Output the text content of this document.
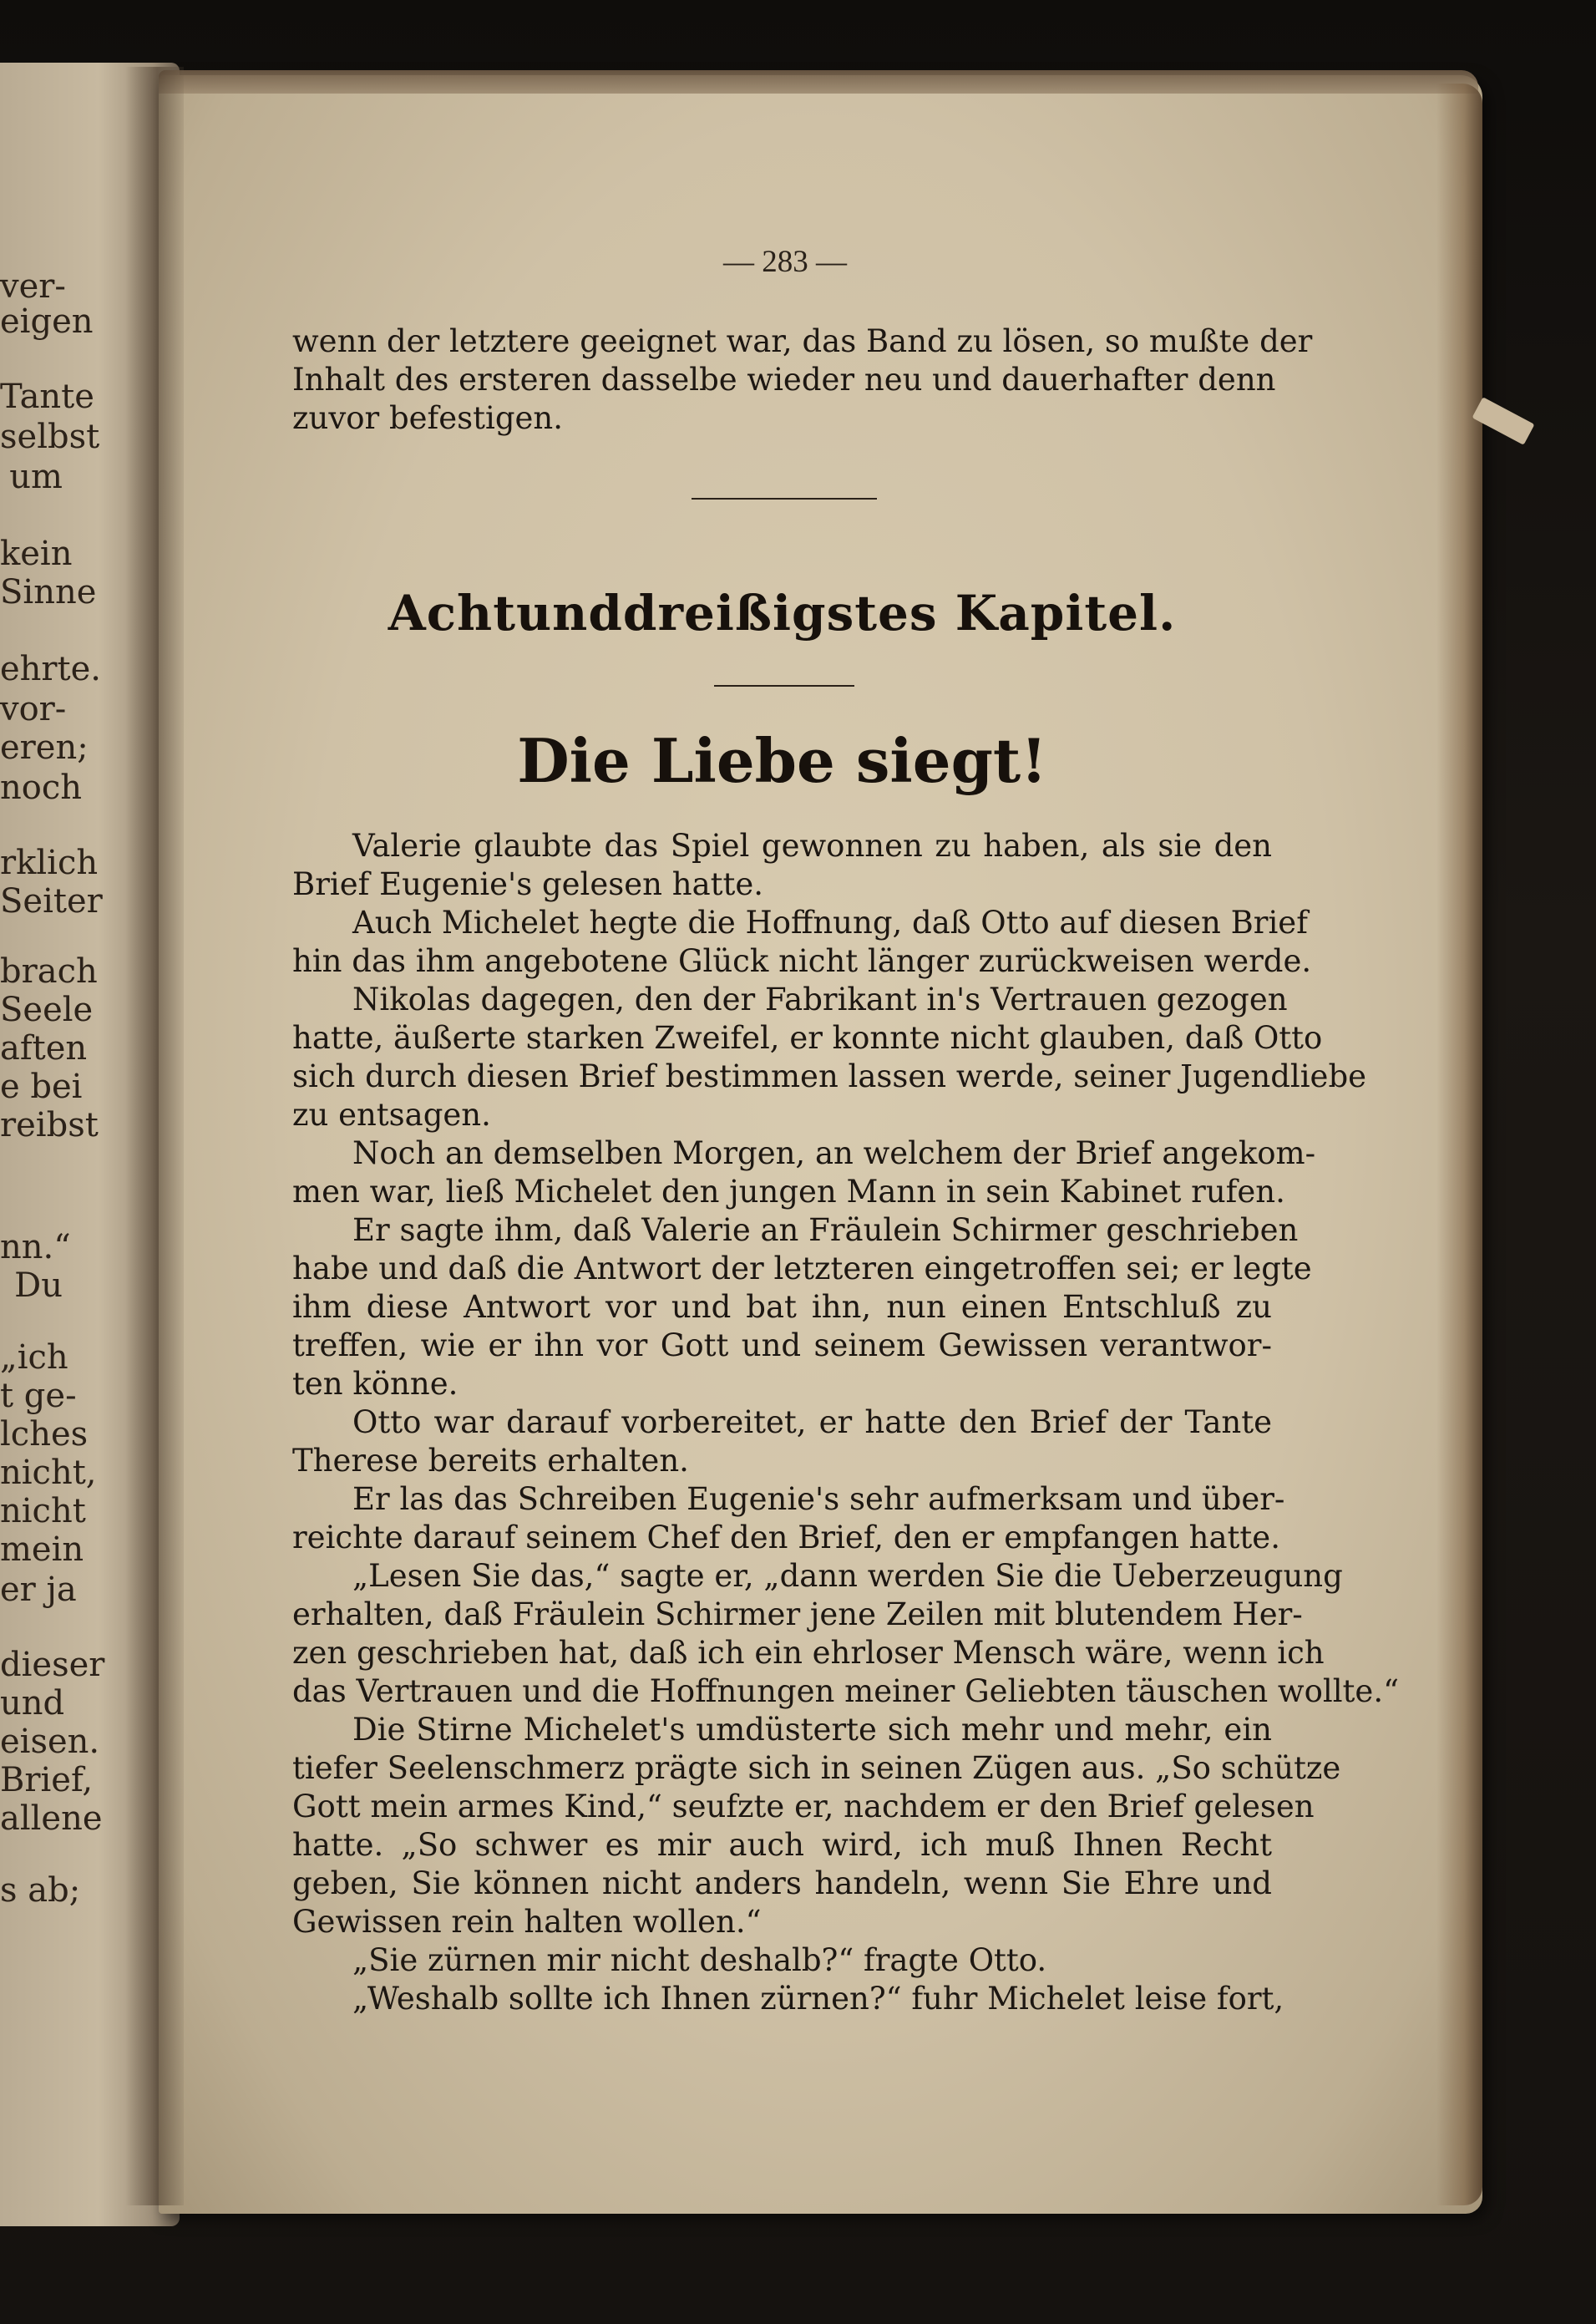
ver-
eigen
Tante
selbst
um
kein
Sinne
ehrte.
vor-
eren;
noch
rklich
Seiter
brach
Seele
aften
e bei
reibst
nn.“
Du
„ich
t ge-
lches
nicht,
nicht
mein
er ja
dieser
und
eisen.
Brief,
allene
s ab;
— 283 —
wenn der letztere geeignet war, das Band zu lösen, so mußte der
Inhalt des ersteren dasselbe wieder neu und dauerhafter denn
zuvor befestigen.
Achtunddreißigstes Kapitel.
Die Liebe siegt!
Valerie glaubte das Spiel gewonnen zu haben, als sie den
Brief Eugenie's gelesen hatte.
Auch Michelet hegte die Hoffnung, daß Otto auf diesen Brief
hin das ihm angebotene Glück nicht länger zurückweisen werde.
Nikolas dagegen, den der Fabrikant in's Vertrauen gezogen
hatte, äußerte starken Zweifel, er konnte nicht glauben, daß Otto
sich durch diesen Brief bestimmen lassen werde, seiner Jugendliebe
zu entsagen.
Noch an demselben Morgen, an welchem der Brief angekom-
men war, ließ Michelet den jungen Mann in sein Kabinet rufen.
Er sagte ihm, daß Valerie an Fräulein Schirmer geschrieben
habe und daß die Antwort der letzteren eingetroffen sei; er legte
ihm diese Antwort vor und bat ihn, nun einen Entschluß zu
treffen, wie er ihn vor Gott und seinem Gewissen verantwor-
ten könne.
Otto war darauf vorbereitet, er hatte den Brief der Tante
Therese bereits erhalten.
Er las das Schreiben Eugenie's sehr aufmerksam und über-
reichte darauf seinem Chef den Brief, den er empfangen hatte.
„Lesen Sie das,“ sagte er, „dann werden Sie die Ueberzeugung
erhalten, daß Fräulein Schirmer jene Zeilen mit blutendem Her-
zen geschrieben hat, daß ich ein ehrloser Mensch wäre, wenn ich
das Vertrauen und die Hoffnungen meiner Geliebten täuschen wollte.“
Die Stirne Michelet's umdüsterte sich mehr und mehr, ein
tiefer Seelenschmerz prägte sich in seinen Zügen aus. „So schütze
Gott mein armes Kind,“ seufzte er, nachdem er den Brief gelesen
hatte. „So schwer es mir auch wird, ich muß Ihnen Recht
geben, Sie können nicht anders handeln, wenn Sie Ehre und
Gewissen rein halten wollen.“
„Sie zürnen mir nicht deshalb?“ fragte Otto.
„Weshalb sollte ich Ihnen zürnen?“ fuhr Michelet leise fort,
